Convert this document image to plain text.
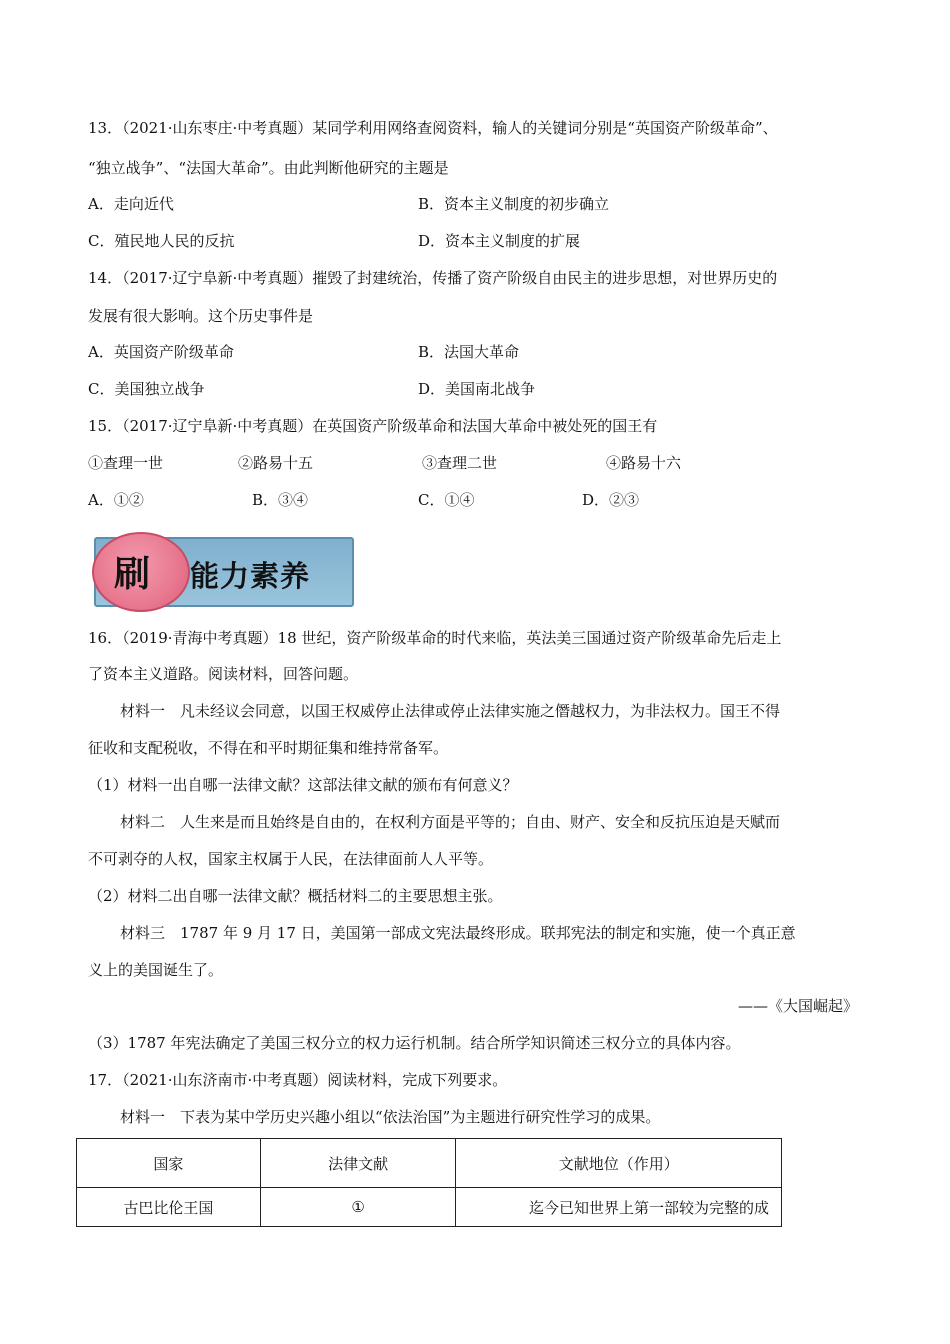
13．（2021·山东枣庄·中考真题）某同学利用网络查阅资料，输人的关键词分别是“英国资产阶级革命”、
“独立战争”、“法国大革命”。由此判断他研究的主题是
A．走向近代	B．资本主义制度的初步确立
C．殖民地人民的反抗	D．资本主义制度的扩展
14．（2017·辽宁阜新·中考真题）摧毁了封建统治，传播了资产阶级自由民主的进步思想，对世界历史的
发展有很大影响。这个历史事件是
A．英国资产阶级革命	B．法国大革命
C．美国独立战争	D．美国南北战争
15．（2017·辽宁阜新·中考真题）在英国资产阶级革命和法国大革命中被处死的国王有
①查理一世	②路易十五	③查理二世	④路易十六
A．①②	B．③④	C．①④	D．②③
能力素养
刷
16．（2019·青海中考真题）18 世纪，资产阶级革命的时代来临，英法美三国通过资产阶级革命先后走上
了资本主义道路。阅读材料，回答问题。
材料一　凡未经议会同意，以国王权威停止法律或停止法律实施之僭越权力，为非法权力。国王不得
征收和支配税收，不得在和平时期征集和维持常备军。
（1）材料一出自哪一法律文献？这部法律文献的颁布有何意义？
材料二　人生来是而且始终是自由的，在权利方面是平等的；自由、财产、安全和反抗压迫是天赋而
不可剥夺的人权，国家主权属于人民，在法律面前人人平等。
（2）材料二出自哪一法律文献？概括材料二的主要思想主张。
材料三　1787 年 9 月 17 日，美国第一部成文宪法最终形成。联邦宪法的制定和实施，使一个真正意
义上的美国诞生了。
——《大国崛起》
（3）1787 年宪法确定了美国三权分立的权力运行机制。结合所学知识简述三权分立的具体内容。
17．（2021·山东济南市·中考真题）阅读材料，完成下列要求。
材料一　下表为某中学历史兴趣小组以“依法治国”为主题进行研究性学习的成果。
国家	法律文献	文献地位（作用）
古巴比伦王国	①	迄今已知世界上第一部较为完整的成
